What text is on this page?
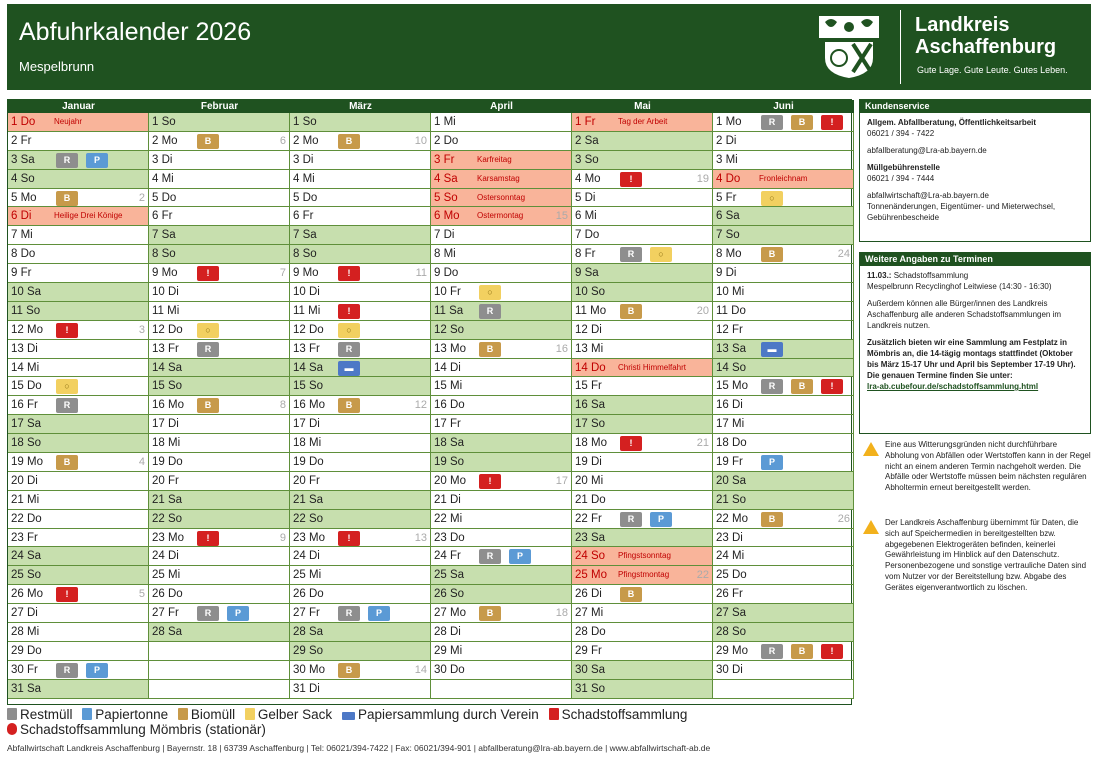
Abfuhrkalender 2026
Mespelbrunn
Landkreis
Aschaffenburg
Gute Lage. Gute Leute. Gutes Leben.
Januar
1 Do Neujahr
2 Fr
3 Sa	R	P
4 So
5 Mo	B	2
6 Di	Heilige Drei Könige
7 Mi
8 Do
9 Fr
10 Sa
11 So
12 Mo	!	3
13 Di
14 Mi
15 Do	○
16 Fr	R
17 Sa
18 So
19 Mo	B	4
20 Di
21 Mi
22 Do
23 Fr
24 Sa
25 So
26 Mo	!	5
27 Di
28 Mi
29 Do
30 Fr	R	P
31 Sa
Februar
1 So
2 Mo	B	6
3 Di
4 Mi
5 Do
6 Fr
7 Sa
8 So
9 Mo	!	7
10 Di
11 Mi
12 Do	○
13 Fr	R
14 Sa
15 So
16 Mo	B	8
17 Di
18 Mi
19 Do
20 Fr
21 Sa
22 So
23 Mo	!	9
24 Di
25 Mi
26 Do
27 Fr	R	P
28 Sa
März
1 So
2 Mo	B	10
3 Di
4 Mi
5 Do
6 Fr
7 Sa
8 So
9 Mo	!	11
10 Di
11 Mi	!
12 Do	○
13 Fr	R
14 Sa	▬
15 So
16 Mo	B	12
17 Di
18 Mi
19 Do
20 Fr
21 Sa
22 So
23 Mo	!	13
24 Di
25 Mi
26 Do
27 Fr	R	P
28 Sa
29 So
30 Mo	B	14
31 Di
April
1 Mi
2 Do
3 Fr	Karfreitag
4 Sa Karsamstag
5 So Ostersonntag
6 Mo Ostermontag	15
7 Di
8 Mi
9 Do
10 Fr	○
11 Sa	R
12 So
13 Mo	B	16
14 Di
15 Mi
16 Do
17 Fr
18 Sa
19 So
20 Mo	!	17
21 Di
22 Mi
23 Do
24 Fr	R	P
25 Sa
26 So
27 Mo	B	18
28 Di
29 Mi
30 Do
Mai
1 Fr	Tag der Arbeit
2 Sa
3 So
4 Mo	!	19
5 Di
6 Mi
7 Do
8 Fr	R	○
9 Sa
10 So
11 Mo	B	20
12 Di
13 Mi
14 Do Christi Himmelfahrt
15 Fr
16 Sa
17 So
18 Mo	!	21
19 Di
20 Mi
21 Do
22 Fr	R	P
23 Sa
24 So Pfingstsonntag
25 Mo Pfingstmontag	22
26 Di	B
27 Mi
28 Do
29 Fr
30 Sa
31 So
Juni
1 Mo	R	B	!
2 Di
3 Mi
4 Do Fronleichnam
5 Fr	○
6 Sa
7 So
8 Mo	B	24
9 Di
10 Mi
11 Do
12 Fr
13 Sa	▬
14 So
15 Mo	R	B	!
16 Di
17 Mi
18 Do
19 Fr	P
20 Sa
21 So
22 Mo	B	26
23 Di
24 Mi
25 Do
26 Fr
27 Sa
28 So
29 Mo	R	B	!
30 Di
Kundenservice
Allgem. Abfallberatung, Öffentlichkeitsarbeit

06021 / 394 - 7422

abfallberatung@Lra-ab.bayern.de

Müllgebührenstelle

06021 / 394 - 7444

abfallwirtschaft@Lra-ab.bayern.de
Tonnenänderungen, Eigentümer- und Mieterwechsel, Gebührenbescheide
Weitere Angaben zu Terminen
11.03.: Schadstoffsammlung

Mespelbrunn Recyclinghof Leitwiese (14:30 - 16:30)

Außerdem können alle Bürger/innen des Landkreis Aschaffenburg alle anderen Schadstoffsammlungen im Landkreis nutzen.

Zusätzlich bieten wir eine Sammlung am Festplatz in Mömbris an, die 14-tägig montags stattfindet (Oktober bis März 15-17 Uhr und April bis September 17-19 Uhr).
Die genauen Termine finden Sie unter:
lra-ab.cubefour.de/schadstoffsammlung.html
Eine aus Witterungsgründen nicht durchführbare Abholung von Abfällen oder Wertstoffen kann in der Regel nicht an einem anderen Termin nachgeholt werden. Die Abfälle oder Wertstoffe müssen beim nächsten regulären Abholtermin erneut bereitgestellt werden.
Der Landkreis Aschaffenburg übernimmt für Daten, die sich auf Speichermedien in bereitgestellten bzw. abgegebenen Elektrogeräten befinden, keinerlei Gewährleistung im Hinblick auf den Datenschutz. Personenbezogene und sonstige vertrauliche Daten sind vom Nutzer vor der Bereitstellung bzw. Abgabe des Gerätes eigenverantwortlich zu löschen.
Restmüll Papiertonne Biomüll Gelber Sack Papiersammlung durch Verein Schadstoffsammlung
Schadstoffsammlung Mömbris (stationär)
Abfallwirtschaft Landkreis Aschaffenburg | Bayernstr. 18 | 63739 Aschaffenburg | Tel: 06021/394-7422 | Fax: 06021/394-901 | abfallberatung@lra-ab.bayern.de | www.abfallwirtschaft-ab.de
